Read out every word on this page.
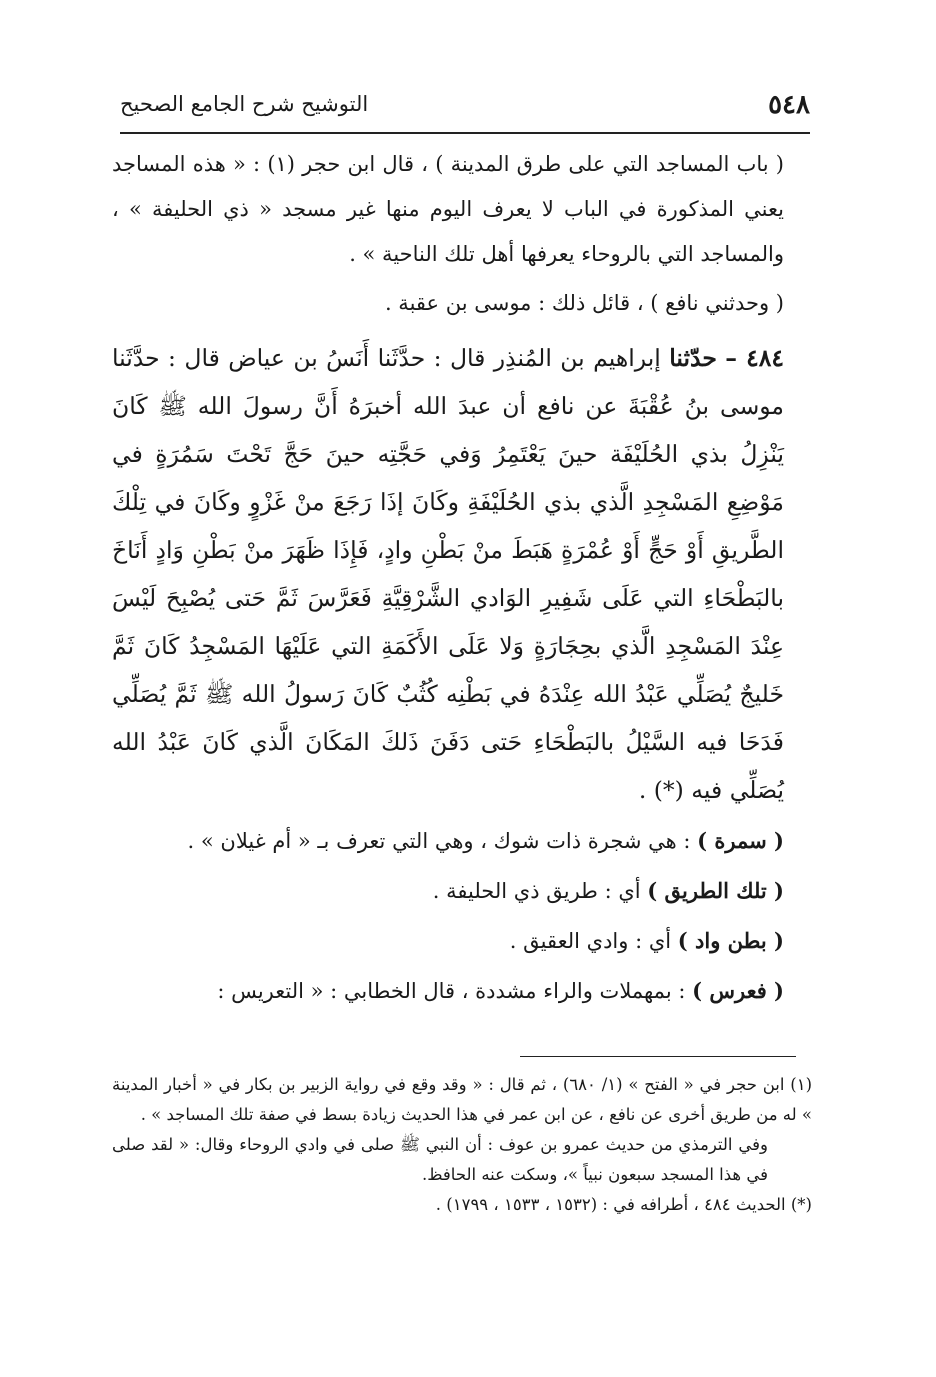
٥٤٨
التوشيح شرح الجامع الصحيح

( باب المساجد التي على طرق المدينة ) ، قال ابن حجر (١) : « هذه المساجد يعني المذكورة في الباب لا يعرف اليوم منها غير مسجد « ذي الحليفة » ، والمساجد التي بالروحاء يعرفها أهل تلك الناحية » .

( وحدثني نافع ) ، قائل ذلك : موسى بن عقبة .

٤٨٤ – حدّثنا إبراهيم بن المُنذِر قال : حدَّثَنا أَنَسُ بن عياض قال : حدَّثَنا موسى بنُ عُقْبَةَ عن نافع أن عبدَ الله أخبرَهُ أَنَّ رسولَ الله ﷺ كَانَ يَنْزِلُ بذي الحُلَيْفَة حينَ يَعْتَمِرُ وَفي حَجَّتِه حينَ حَجَّ تَحْتَ سَمُرَةٍ في مَوْضِعِ المَسْجِدِ الَّذي بذي الحُلَيْفَةِ وكَانَ إذَا رَجَعَ منْ غَزْوٍ وكَانَ في تِلْكَ الطَّريقِ أَوْ حَجٍّ أَوْ عُمْرَةٍ هَبَطَ منْ بَطْنِ وادٍ، فَإِذَا ظَهَرَ منْ بَطْنِ وَادٍ أَنَاخَ بالبَطْحَاءِ التي عَلَى شَفِيرِ الوَادي الشَّرْقِيَّةِ فَعَرَّسَ ثَمَّ حَتى يُصْبِحَ لَيْسَ عِنْدَ المَسْجِدِ الَّذي بحِجَارَةٍ وَلا عَلَى الأَكَمَةِ التي عَلَيْهَا المَسْجِدُ كَانَ ثَمَّ خَليجٌ يُصَلِّي عَبْدُ الله عِنْدَهُ في بَطْنِه كُثُبٌ كَانَ رَسولُ الله ﷺ ثَمَّ يُصَلِّي فَدَحَا فيه السَّيْلُ بالبَطْحَاءِ حَتى دَفَنَ ذَلكَ المَكَانَ الَّذي كَانَ عَبْدُ الله يُصَلِّي فيه (*) .

( سمرة ) : هي شجرة ذات شوك ، وهي التي تعرف بـ « أم غيلان » .

( تلك الطريق ) أي : طريق ذي الحليفة .

( بطن واد ) أي : وادي العقيق .

( فعرس ) : بمهملات والراء مشددة ، قال الخطابي : « التعريس :

(١) ابن حجر في « الفتح » (١/ ٦٨٠) ، ثم قال : « وقد وقع في رواية الزبير بن بكار في « أخبار المدينة » له من طريق أخرى عن نافع ، عن ابن عمر في هذا الحديث زيادة بسط في صفة تلك المساجد » .

وفي الترمذي من حديث عمرو بن عوف : أن النبي ﷺ صلى في وادي الروحاء وقال: « لقد صلى في هذا المسجد سبعون نبياً »، وسكت عنه الحافظ.

(*) الحديث ٤٨٤ ، أطرافه في : (١٥٣٢ ، ١٥٣٣ ، ١٧٩٩) .
